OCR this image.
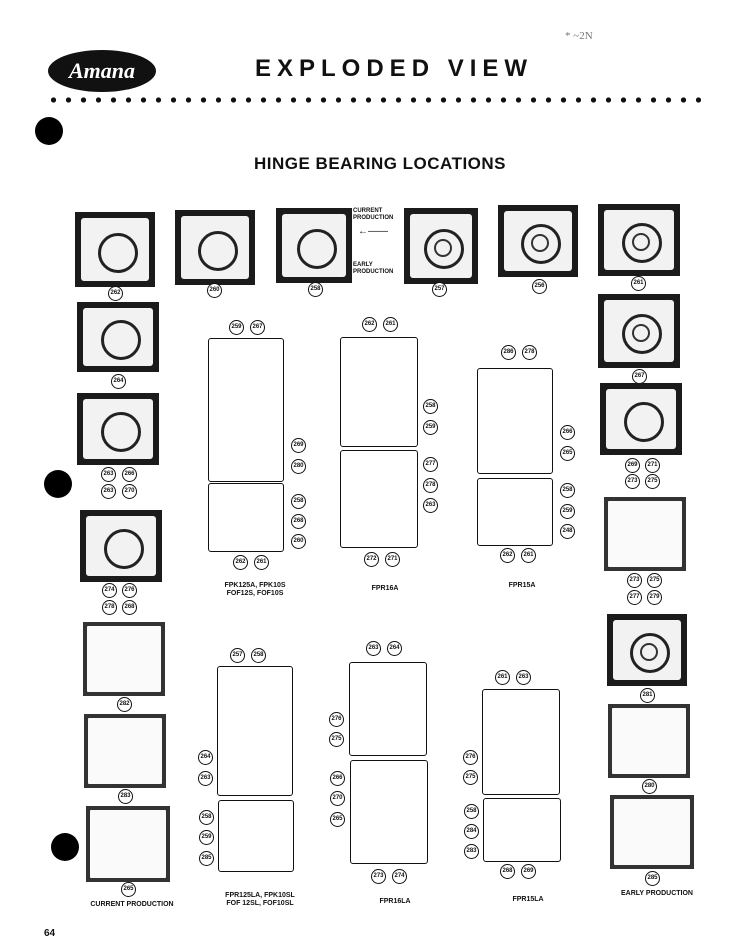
Amana	EXPLODED VIEW
* ~2N
HINGE BEARING LOCATIONS
262	260	258
CURRENT PRODUCTION
←——
EARLY PRODUCTION
257	256	261
264
263	266
263	270
274	276
278	268
282
283
265
CURRENT PRODUCTION
267
269	271
273	275
273	275
277	279
281
280
285
EARLY PRODUCTION
259	267
269
280
258
268
260
262	261
FPK125A, FPK10S
FOF12S, FOF10S
262	261
258
259
277
278
263
272	271
FPR16A
286	278
266
265
258
259
248
262	261
FPR15A
257	258
264
263
258
259
285
FPR125LA, FPK10SL
FOF 12SL, FOF10SL
263	264
276
275
266
270
265
273	274
FPR16LA
261	263
276
275
258
284
283
268	269
FPR15LA
64
